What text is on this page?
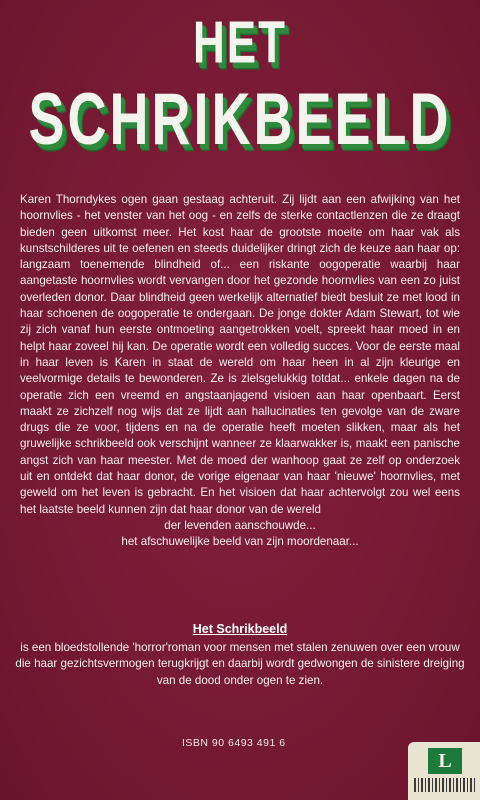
HET
SCHRIKBEELD

Karen Thorndykes ogen gaan gestaag achteruit. Zij lijdt aan een afwijking van het hoornvlies - het venster van het oog - en zelfs de sterke contactlenzen die ze draagt bieden geen uitkomst meer. Het kost haar de grootste moeite om haar vak als kunstschilderes uit te oefenen en steeds duidelijker dringt zich de keuze aan haar op: langzaam toenemende blindheid of... een riskante oogoperatie waarbij haar aangetaste hoornvlies wordt vervangen door het gezonde hoornvlies van een zo juist overleden donor. Daar blindheid geen werkelijk alternatief biedt besluit ze met lood in haar schoenen de oogoperatie te ondergaan. De jonge dokter Adam Stewart, tot wie zij zich vanaf hun eerste ontmoeting aangetrokken voelt, spreekt haar moed in en helpt haar zoveel hij kan. De operatie wordt een volledig succes. Voor de eerste maal in haar leven is Karen in staat de wereld om haar heen in al zijn kleurige en veelvormige details te bewonderen. Ze is zielsgelukkig totdat... enkele dagen na de operatie zich een vreemd en angstaanjagend visioen aan haar openbaart. Eerst maakt ze zichzelf nog wijs dat ze lijdt aan hallucinaties ten gevolge van de zware drugs die ze voor, tijdens en na de operatie heeft moeten slikken, maar als het gruwelijke schrikbeeld ook verschijnt wanneer ze klaarwakker is, maakt een panische angst zich van haar meester. Met de moed der wanhoop gaat ze zelf op onderzoek uit en ontdekt dat haar donor, de vorige eigenaar van haar 'nieuwe' hoornvlies, met geweld om het leven is gebracht. En het visioen dat haar achtervolgt zou wel eens het laatste beeld kunnen zijn dat haar donor van de wereld

der levenden aanschouwde...

het afschuwelijke beeld van zijn moordenaar...

Het Schrikbeeld
is een bloedstollende 'horror'roman voor mensen met stalen zenuwen over een vrouw die haar gezichtsvermogen terugkrijgt en daarbij wordt gedwongen de sinistere dreiging van de dood onder ogen te zien.
ISBN 90 6493 491 6
L
